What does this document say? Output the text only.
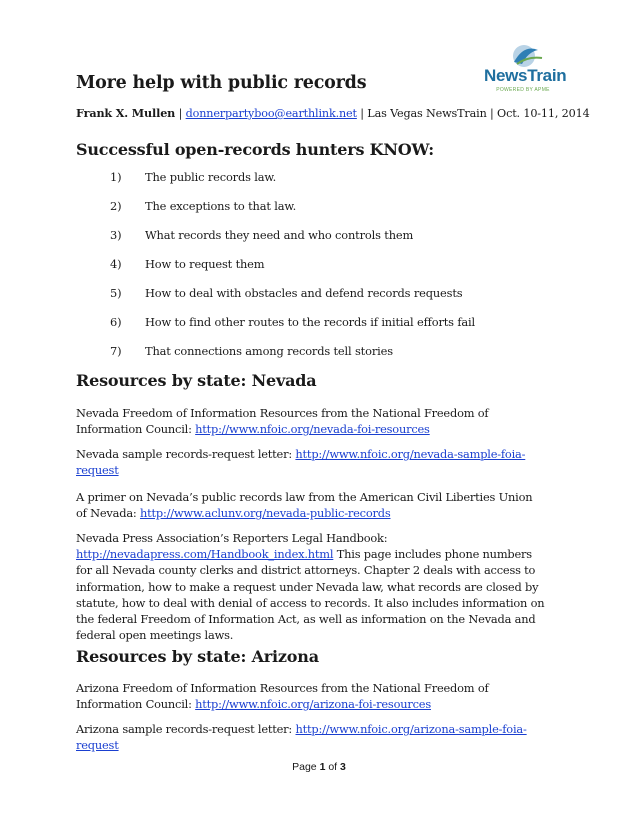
NewsTrain
POWERED BY APME
More help with public records
Frank X. Mullen | donnerpartyboo@earthlink.net | Las Vegas NewsTrain | Oct. 10-11, 2014
Successful open-records hunters KNOW:
1) The public records law.
2) The exceptions to that law.
3) What records they need and who controls them
4) How to request them
5) How to deal with obstacles and defend records requests
6) How to find other routes to the records if initial efforts fail
7) That connections among records tell stories
Resources by state: Nevada
Nevada Freedom of Information Resources from the National Freedom of Information Council: http://www.nfoic.org/nevada-foi-resources
Nevada sample records-request letter: http://www.nfoic.org/nevada-sample-foia-request
A primer on Nevada’s public records law from the American Civil Liberties Union of Nevada: http://www.aclunv.org/nevada-public-records
Nevada Press Association’s Reporters Legal Handbook: http://nevadapress.com/Handbook_index.html This page includes phone numbers for all Nevada county clerks and district attorneys. Chapter 2 deals with access to information, how to make a request under Nevada law, what records are closed by statute, how to deal with denial of access to records. It also includes information on the federal Freedom of Information Act, as well as information on the Nevada and federal open meetings laws.
Resources by state: Arizona
Arizona Freedom of Information Resources from the National Freedom of Information Council: http://www.nfoic.org/arizona-foi-resources
Arizona sample records-request letter: http://www.nfoic.org/arizona-sample-foia-request
Page 1 of 3
